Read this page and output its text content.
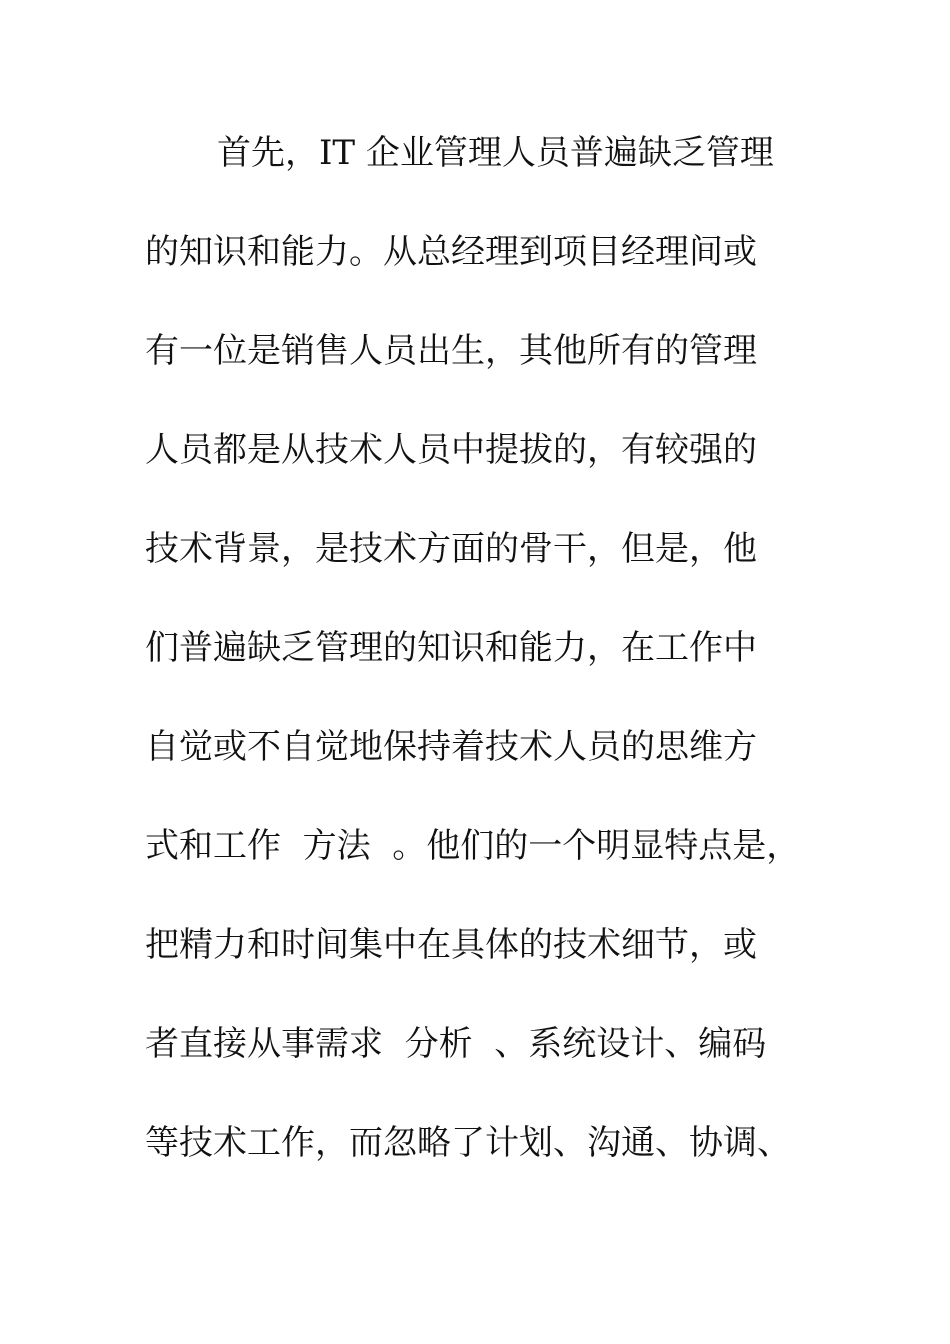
首先，IT 企业管理人员普遍缺乏管理
的知识和能力。从总经理到项目经理间或
有一位是销售人员出生，其他所有的管理
人员都是从技术人员中提拔的，有较强的
技术背景，是技术方面的骨干，但是，他
们普遍缺乏管理的知识和能力，在工作中
自觉或不自觉地保持着技术人员的思维方
式和工作  方法  。他们的一个明显特点是，
把精力和时间集中在具体的技术细节，或
者直接从事需求  分析  、系统设计、编码
等技术工作，而忽略了计划、沟通、协调、
